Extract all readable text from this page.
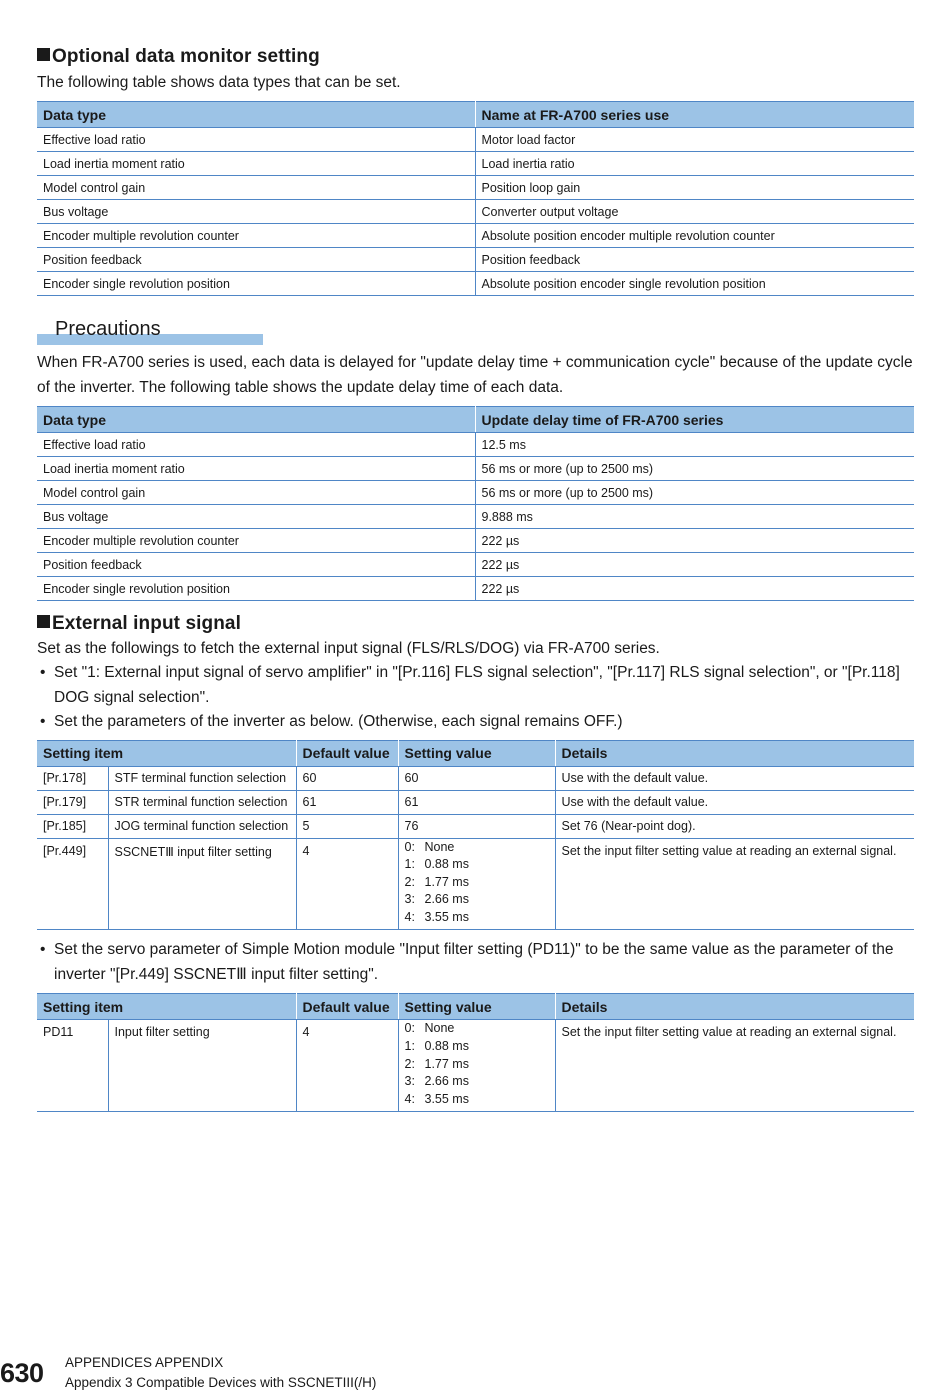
Optional data monitor setting

The following table shows data types that can be set.

Data type	Name at FR-A700 series use
Effective load ratio	Motor load factor
Load inertia moment ratio	Load inertia ratio
Model control gain	Position loop gain
Bus voltage	Converter output voltage
Encoder multiple revolution counter	Absolute position encoder multiple revolution counter
Position feedback	Position feedback
Encoder single revolution position	Absolute position encoder single revolution position
Precautions

When FR-A700 series is used, each data is delayed for "update delay time + communication cycle" because of the update cycle of the inverter. The following table shows the update delay time of each data.

Data type	Update delay time of FR-A700 series
Effective load ratio	12.5 ms
Load inertia moment ratio	56 ms or more (up to 2500 ms)
Model control gain	56 ms or more (up to 2500 ms)
Bus voltage	9.888 ms
Encoder multiple revolution counter	222 µs
Position feedback	222 µs
Encoder single revolution position	222 µs
External input signal

Set as the followings to fetch the external input signal (FLS/RLS/DOG) via FR-A700 series.

• Set "1: External input signal of servo amplifier" in "[Pr.116] FLS signal selection", "[Pr.117] RLS signal selection", or "[Pr.118] DOG signal selection".
• Set the parameters of the inverter as below. (Otherwise, each signal remains OFF.)
Setting item		Default value	Setting value	Details
[Pr.178]	STF terminal function selection	60	60	Use with the default value.
[Pr.179]	STR terminal function selection	61	61	Use with the default value.
[Pr.185]	JOG terminal function selection	5	76	Set 76 (Near-point dog).
[Pr.449]	SSCNETⅢ input filter setting	4	0: None
1: 0.88 ms
2: 1.77 ms
3: 2.66 ms
4: 3.55 ms	Set the input filter setting value at reading an external signal.
• Set the servo parameter of Simple Motion module "Input filter setting (PD11)" to be the same value as the parameter of the inverter "[Pr.449] SSCNETⅢ input filter setting".
Setting item		Default value	Setting value	Details
PD11	Input filter setting	4	0: None
1: 0.88 ms
2: 1.77 ms
3: 2.66 ms
4: 3.55 ms	Set the input filter setting value at reading an external signal.
630 APPENDICES APPENDIX
Appendix 3 Compatible Devices with SSCNETIII(/H)
